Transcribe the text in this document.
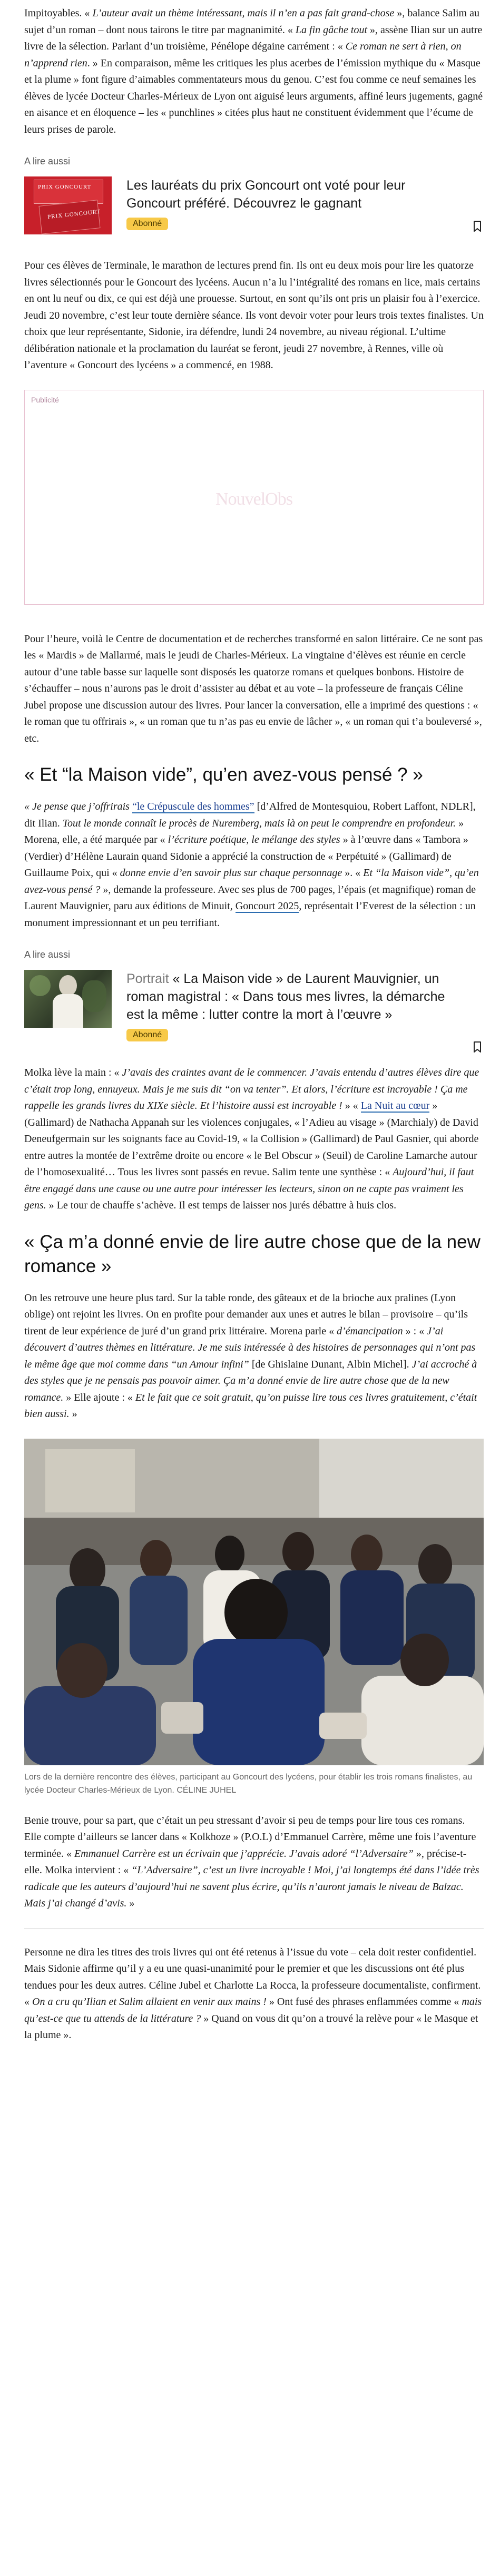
Impitoyables. « L’auteur avait un thème intéressant, mais il n’en a pas fait grand-chose », balance Salim au sujet d’un roman – dont nous tairons le titre par magnanimité. « La fin gâche tout », assène Ilian sur un autre livre de la sélection. Parlant d’un troisième, Pénélope dégaine carrément : « Ce roman ne sert à rien, on n’apprend rien. » En comparaison, même les critiques les plus acerbes de l’émission mythique du « Masque et la plume » font figure d’aimables commentateurs mous du genou. C’est fou comme ce neuf semaines les élèves de lycée Docteur Charles-Mérieux de Lyon ont aiguisé leurs arguments, affiné leurs jugements, gagné en aisance et en éloquence – les « punchlines » citées plus haut ne constituent évidemment que l’écume de leurs prises de parole.

A lire aussi
PRIX GONCOURT
PRIX GONCOURT

Les lauréats du prix Goncourt ont voté pour leur Goncourt préféré. Découvrez le gagnant

Abonné

Pour ces élèves de Terminale, le marathon de lectures prend fin. Ils ont eu deux mois pour lire les quatorze livres sélectionnés pour le Goncourt des lycéens. Aucun n’a lu l’intégralité des romans en lice, mais certains en ont lu neuf ou dix, ce qui est déjà une prouesse. Surtout, en sont qu’ils ont pris un plaisir fou à l’exercice. Jeudi 20 novembre, c’est leur toute dernière séance. Ils vont devoir voter pour leurs trois textes finalistes. Un choix que leur représentante, Sidonie, ira défendre, lundi 24 novembre, au niveau régional. L’ultime délibération nationale et la proclamation du lauréat se feront, jeudi 27 novembre, à Rennes, ville où l’aventure « Goncourt des lycéens » a commencé, en 1988.

Publicité
NouvelObs

Pour l’heure, voilà le Centre de documentation et de recherches transformé en salon littéraire. Ce ne sont pas les « Mardis » de Mallarmé, mais le jeudi de Charles-Mérieux. La vingtaine d’élèves est réunie en cercle autour d’une table basse sur laquelle sont disposés les quatorze romans et quelques bonbons. Histoire de s’échauffer – nous n’aurons pas le droit d’assister au débat et au vote – la professeure de français Céline Jubel propose une discussion autour des livres. Pour lancer la conversation, elle a imprimé des questions : « le roman que tu offrirais », « un roman que tu n’as pas eu envie de lâcher », « un roman qui t’a bouleversé », etc.

« Et “la Maison vide”, qu’en avez-vous pensé ? »

« Je pense que j’offrirais “le Crépuscule des hommes” [d’Alfred de Montesquiou, Robert Laffont, NDLR], dit Ilian. Tout le monde connaît le procès de Nuremberg, mais là on peut le comprendre en profondeur. » Morena, elle, a été marquée par « l’écriture poétique, le mélange des styles » à l’œuvre dans « Tambora » (Verdier) d’Hélène Laurain quand Sidonie a apprécié la construction de « Perpétuité » (Gallimard) de Guillaume Poix, qui « donne envie d’en savoir plus sur chaque personnage ». « Et “la Maison vide”, qu’en avez-vous pensé ? », demande la professeure. Avec ses plus de 700 pages, l’épais (et magnifique) roman de Laurent Mauvignier, paru aux éditions de Minuit, Goncourt 2025, représentait l’Everest de la sélection : un monument impressionnant et un peu terrifiant.

A lire aussi

Portrait « La Maison vide » de Laurent Mauvignier, un roman magistral : « Dans tous mes livres, la démarche est la même : lutter contre la mort à l’œuvre »

Abonné

Molka lève la main : « J’avais des craintes avant de le commencer. J’avais entendu d’autres élèves dire que c’était trop long, ennuyeux. Mais je me suis dit “on va tenter”. Et alors, l’écriture est incroyable ! Ça me rappelle les grands livres du XIXe siècle. Et l’histoire aussi est incroyable ! » « La Nuit au cœur » (Gallimard) de Nathacha Appanah sur les violences conjugales, « l’Adieu au visage » (Marchialy) de David Deneufgermain sur les soignants face au Covid-19, « la Collision » (Gallimard) de Paul Gasnier, qui aborde entre autres la montée de l’extrême droite ou encore « le Bel Obscur » (Seuil) de Caroline Lamarche autour de l’homosexualité… Tous les livres sont passés en revue. Salim tente une synthèse : « Aujourd’hui, il faut être engagé dans une cause ou une autre pour intéresser les lecteurs, sinon on ne capte pas vraiment les gens. » Le tour de chauffe s’achève. Il est temps de laisser nos jurés débattre à huis clos.

« Ça m’a donné envie de lire autre chose que de la new romance »

On les retrouve une heure plus tard. Sur la table ronde, des gâteaux et de la brioche aux pralines (Lyon oblige) ont rejoint les livres. On en profite pour demander aux unes et autres le bilan – provisoire – qu’ils tirent de leur expérience de juré d’un grand prix littéraire. Morena parle « d’émancipation » : « J’ai découvert d’autres thèmes en littérature. Je me suis intéressée à des histoires de personnages qui n’ont pas le même âge que moi comme dans “un Amour infini” [de Ghislaine Dunant, Albin Michel]. J’ai accroché à des styles que je ne pensais pas pouvoir aimer. Ça m’a donné envie de lire autre chose que de la new romance. » Elle ajoute : « Et le fait que ce soit gratuit, qu’on puisse lire tous ces livres gratuitement, c’était bien aussi. »

Lors de la dernière rencontre des élèves, participant au Goncourt des lycéens, pour établir les trois romans finalistes, au lycée Docteur Charles-Mérieux de Lyon. CÉLINE JUHEL

Benie trouve, pour sa part, que c’était un peu stressant d’avoir si peu de temps pour lire tous ces romans. Elle compte d’ailleurs se lancer dans « Kolkhoze » (P.O.L) d’Emmanuel Carrère, même une fois l’aventure terminée. « Emmanuel Carrère est un écrivain que j’apprécie. J’avais adoré “l’Adversaire” », précise-t-elle. Molka intervient : « “L’Adversaire”, c’est un livre incroyable ! Moi, j’ai longtemps été dans l’idée très radicale que les auteurs d’aujourd’hui ne savent plus écrire, qu’ils n’auront jamais le niveau de Balzac. Mais j’ai changé d’avis. »

Personne ne dira les titres des trois livres qui ont été retenus à l’issue du vote – cela doit rester confidentiel. Mais Sidonie affirme qu’il y a eu une quasi-unanimité pour le premier et que les discussions ont été plus tendues pour les deux autres. Céline Jubel et Charlotte La Rocca, la professeure documentaliste, confirment. « On a cru qu’Ilian et Salim allaient en venir aux mains ! » Ont fusé des phrases enflammées comme « mais qu’est-ce que tu attends de la littérature ? » Quand on vous dit qu’on a trouvé la relève pour « le Masque et la plume ».
